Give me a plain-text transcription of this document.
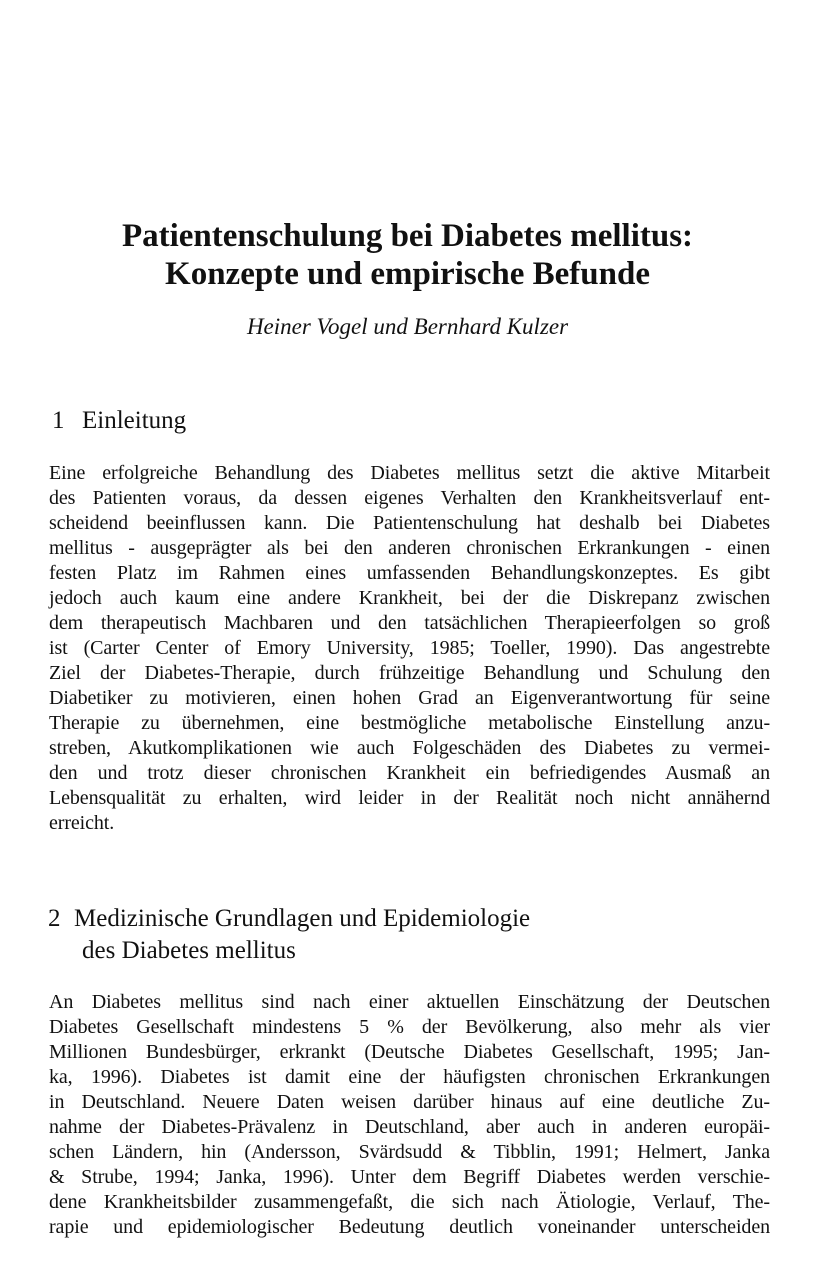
Patientenschulung bei Diabetes mellitus:
Konzepte und empirische Befunde

Heiner Vogel und Bernhard Kulzer

1 Einleitung
Eine erfolgreiche Behandlung des Diabetes mellitus setzt die aktive Mitarbeit
des Patienten voraus, da dessen eigenes Verhalten den Krankheitsverlauf ent-
scheidend beeinflussen kann. Die Patientenschulung hat deshalb bei Diabetes
mellitus - ausgeprägter als bei den anderen chronischen Erkrankungen - einen
festen Platz im Rahmen eines umfassenden Behandlungskonzeptes. Es gibt
jedoch auch kaum eine andere Krankheit, bei der die Diskrepanz zwischen
dem therapeutisch Machbaren und den tatsächlichen Therapieerfolgen so groß
ist (Carter Center of Emory University, 1985; Toeller, 1990). Das angestrebte
Ziel der Diabetes-Therapie, durch frühzeitige Behandlung und Schulung den
Diabetiker zu motivieren, einen hohen Grad an Eigenverantwortung für seine
Therapie zu übernehmen, eine bestmögliche metabolische Einstellung anzu-
streben, Akutkomplikationen wie auch Folgeschäden des Diabetes zu vermei-
den und trotz dieser chronischen Krankheit ein befriedigendes Ausmaß an
Lebensqualität zu erhalten, wird leider in der Realität noch nicht annähernd
erreicht.
2 Medizinische Grundlagen und Epidemiologie
des Diabetes mellitus
An Diabetes mellitus sind nach einer aktuellen Einschätzung der Deutschen
Diabetes Gesellschaft mindestens 5 % der Bevölkerung, also mehr als vier
Millionen Bundesbürger, erkrankt (Deutsche Diabetes Gesellschaft, 1995; Jan-
ka, 1996). Diabetes ist damit eine der häufigsten chronischen Erkrankungen
in Deutschland. Neuere Daten weisen darüber hinaus auf eine deutliche Zu-
nahme der Diabetes-Prävalenz in Deutschland, aber auch in anderen europäi-
schen Ländern, hin (Andersson, Svärdsudd & Tibblin, 1991; Helmert, Janka
& Strube, 1994; Janka, 1996). Unter dem Begriff Diabetes werden verschie-
dene Krankheitsbilder zusammengefaßt, die sich nach Ätiologie, Verlauf, The-
rapie und epidemiologischer Bedeutung deutlich voneinander unterscheiden
